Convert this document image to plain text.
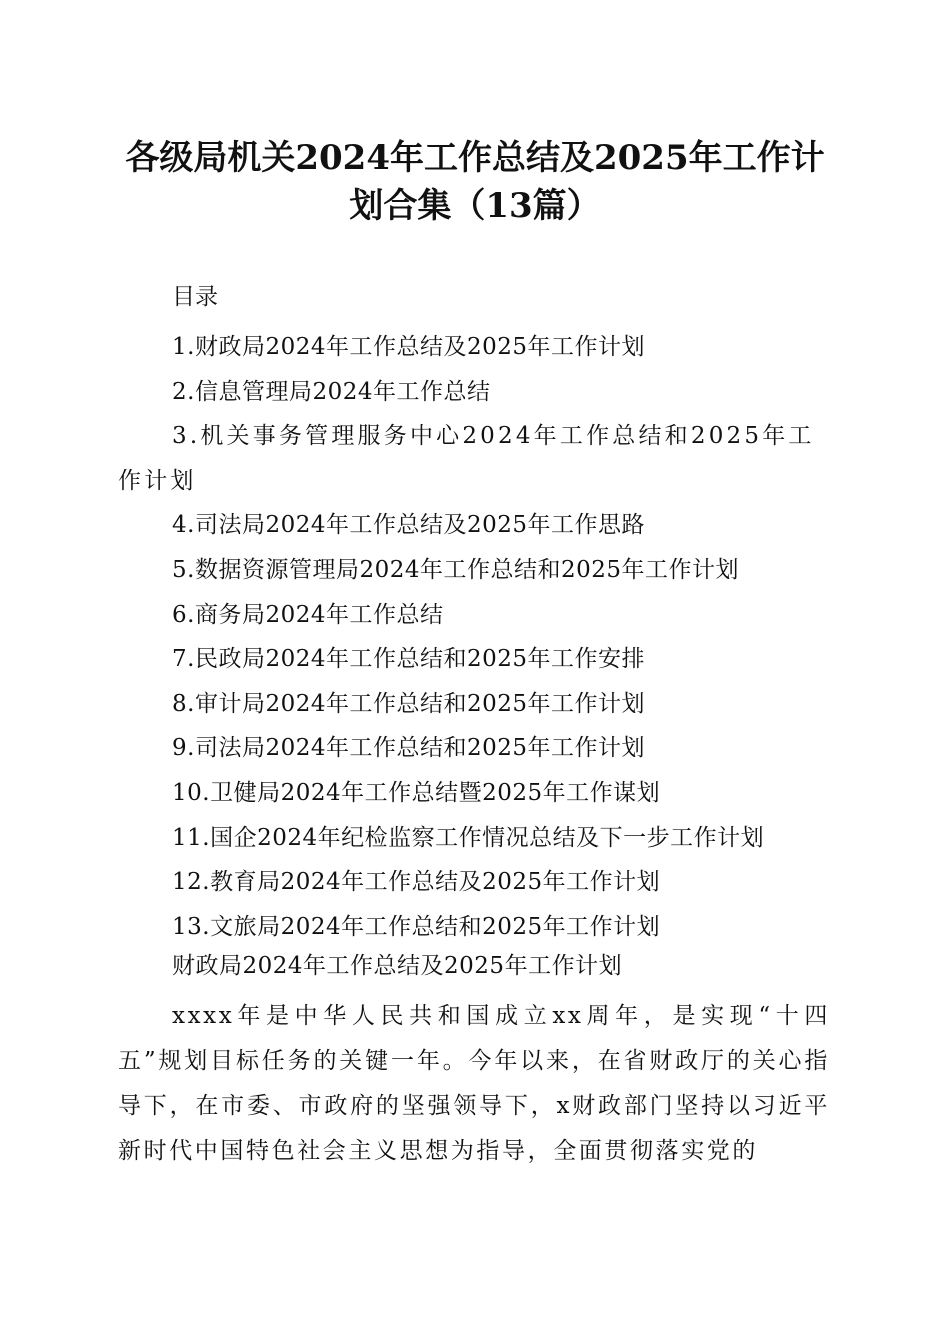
各级局机关2024年工作总结及2025年工作计划合集（13篇）

目录

1.财政局2024年工作总结及2025年工作计划
2.信息管理局2024年工作总结
3.机关事务管理服务中心2024年工作总结和2025年工作计划
4.司法局2024年工作总结及2025年工作思路
5.数据资源管理局2024年工作总结和2025年工作计划
6.商务局2024年工作总结
7.民政局2024年工作总结和2025年工作安排
8.审计局2024年工作总结和2025年工作计划
9.司法局2024年工作总结和2025年工作计划
10.卫健局2024年工作总结暨2025年工作谋划
11.国企2024年纪检监察工作情况总结及下一步工作计划
12.教育局2024年工作总结及2025年工作计划
13.文旅局2024年工作总结和2025年工作计划

财政局2024年工作总结及2025年工作计划

xxxx年是中华人民共和国成立xx周年，是实现“十四五”规划目标任务的关键一年。今年以来，在省财政厅的关心指导下，在市委、市政府的坚强领导下，x财政部门坚持以习近平新时代中国特色社会主义思想为指导，全面贯彻落实党的
